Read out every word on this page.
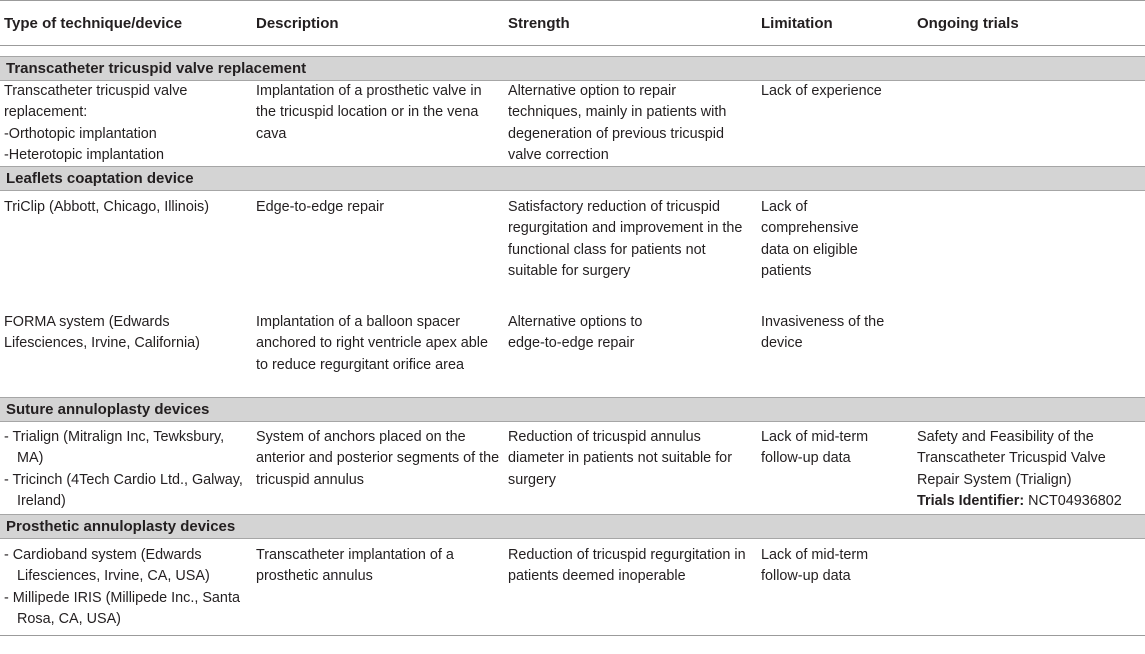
Type of technique/device	Description	Strength	Limitation	Ongoing trials

Transcatheter tricuspid valve replacement				

Transcatheter tricuspid valve replacement:
-Orthotopic implantation
-Heterotopic implantation	Implantation of a prosthetic valve in the tricuspid location or in the vena cava	Alternative option to repair techniques, mainly in patients with degeneration of previous tricuspid valve correction	Lack of experience	
Leaflets coaptation device				
TriClip (Abbott, Chicago, Illinois)	Edge-to-edge repair	Satisfactory reduction of tricuspid regurgitation and improvement in the functional class for patients not suitable for surgery	Lack of comprehensive data on eligible patients	

FORMA system (Edwards Lifesciences, Irvine, California)	Implantation of a balloon spacer anchored to right ventricle apex able to reduce regurgitant orifice area	Alternative options to edge-to-edge repair	Invasiveness of the device	
Suture annuloplasty devices				

- Trialign (Mitralign Inc, Tewksbury, MA)
- Tricinch (4Tech Cardio Ltd., Galway, Ireland)	System of anchors placed on the anterior and posterior segments of the tricuspid annulus	Reduction of tricuspid annulus diameter in patients not suitable for surgery	Lack of mid-term follow-up data	Safety and Feasibility of the Transcatheter Tricuspid Valve Repair System (Trialign)
Trials Identifier: NCT04936802
Prosthetic annuloplasty devices				

- Cardioband system (Edwards Lifesciences, Irvine, CA, USA)
- Millipede IRIS (Millipede Inc., Santa Rosa, CA, USA)	Transcatheter implantation of a prosthetic annulus	Reduction of tricuspid regurgitation in patients deemed inoperable	Lack of mid-term follow-up data	
